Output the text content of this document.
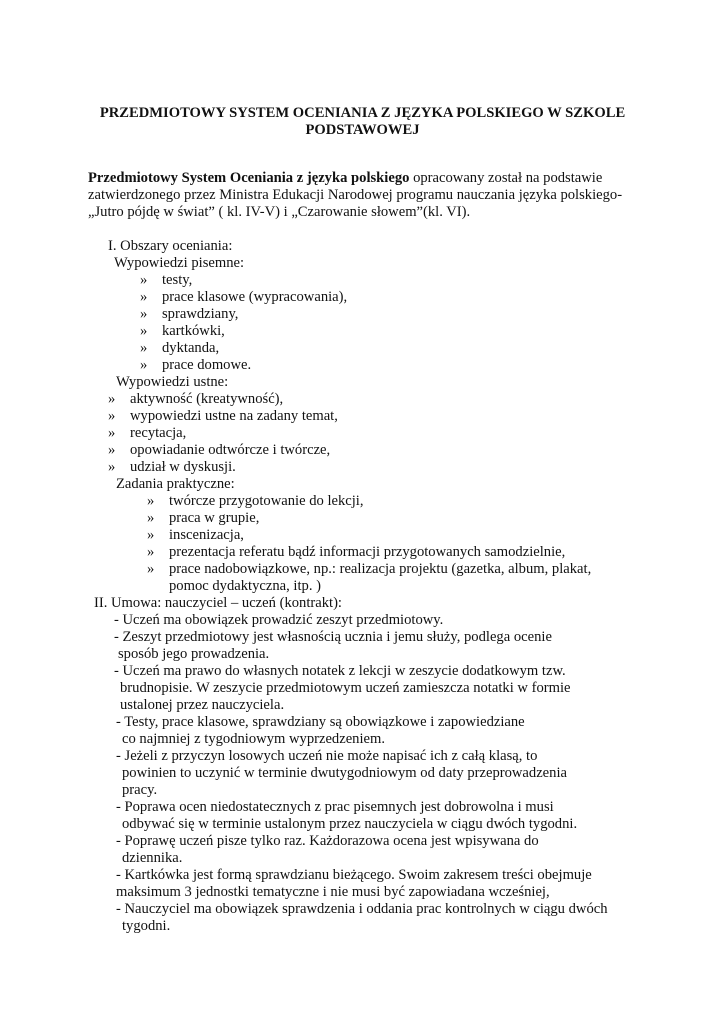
PRZEDMIOTOWY SYSTEM OCENIANIA Z JĘZYKA POLSKIEGO W SZKOLE
PODSTAWOWEJ
Przedmiotowy System Oceniania z języka polskiego opracowany został na podstawie zatwierdzonego przez Ministra Edukacji Narodowej programu nauczania języka polskiego- „Jutro pójdę w świat” ( kl. IV-V) i „Czarowanie słowem”(kl. VI).
I. Obszary oceniania:
Wypowiedzi pisemne:
» testy,
» prace klasowe (wypracowania),
» sprawdziany,
» kartkówki,
» dyktanda,
» prace domowe.
Wypowiedzi ustne:
» aktywność (kreatywność),
» wypowiedzi ustne na zadany temat,
» recytacja,
» opowiadanie odtwórcze i twórcze,
» udział w dyskusji.
Zadania praktyczne:
» twórcze przygotowanie do lekcji,
» praca w grupie,
» inscenizacja,
» prezentacja referatu bądź informacji przygotowanych samodzielnie,
» prace nadobowiązkowe, np.: realizacja projektu (gazetka, album, plakat,
pomoc dydaktyczna, itp. )
II. Umowa: nauczyciel – uczeń (kontrakt):
- Uczeń ma obowiązek prowadzić zeszyt przedmiotowy.
- Zeszyt przedmiotowy jest własnością ucznia i jemu służy, podlega ocenie
sposób jego prowadzenia.
- Uczeń ma prawo do własnych notatek z lekcji w zeszycie dodatkowym tzw.
brudnopisie. W zeszycie przedmiotowym uczeń zamieszcza notatki w formie
ustalonej przez nauczyciela.
- Testy, prace klasowe, sprawdziany są obowiązkowe i zapowiedziane
co najmniej z tygodniowym wyprzedzeniem.
- Jeżeli z przyczyn losowych uczeń nie może napisać ich z całą klasą, to
powinien to uczynić w terminie dwutygodniowym od daty przeprowadzenia
pracy.
- Poprawa ocen niedostatecznych z prac pisemnych jest dobrowolna i musi
odbywać się w terminie ustalonym przez nauczyciela w ciągu dwóch tygodni.
- Poprawę uczeń pisze tylko raz. Każdorazowa ocena jest wpisywana do
dziennika.
- Kartkówka jest formą sprawdzianu bieżącego. Swoim zakresem treści obejmuje
maksimum 3 jednostki tematyczne i nie musi być zapowiadana wcześniej,
- Nauczyciel ma obowiązek sprawdzenia i oddania prac kontrolnych w ciągu dwóch
tygodni.
